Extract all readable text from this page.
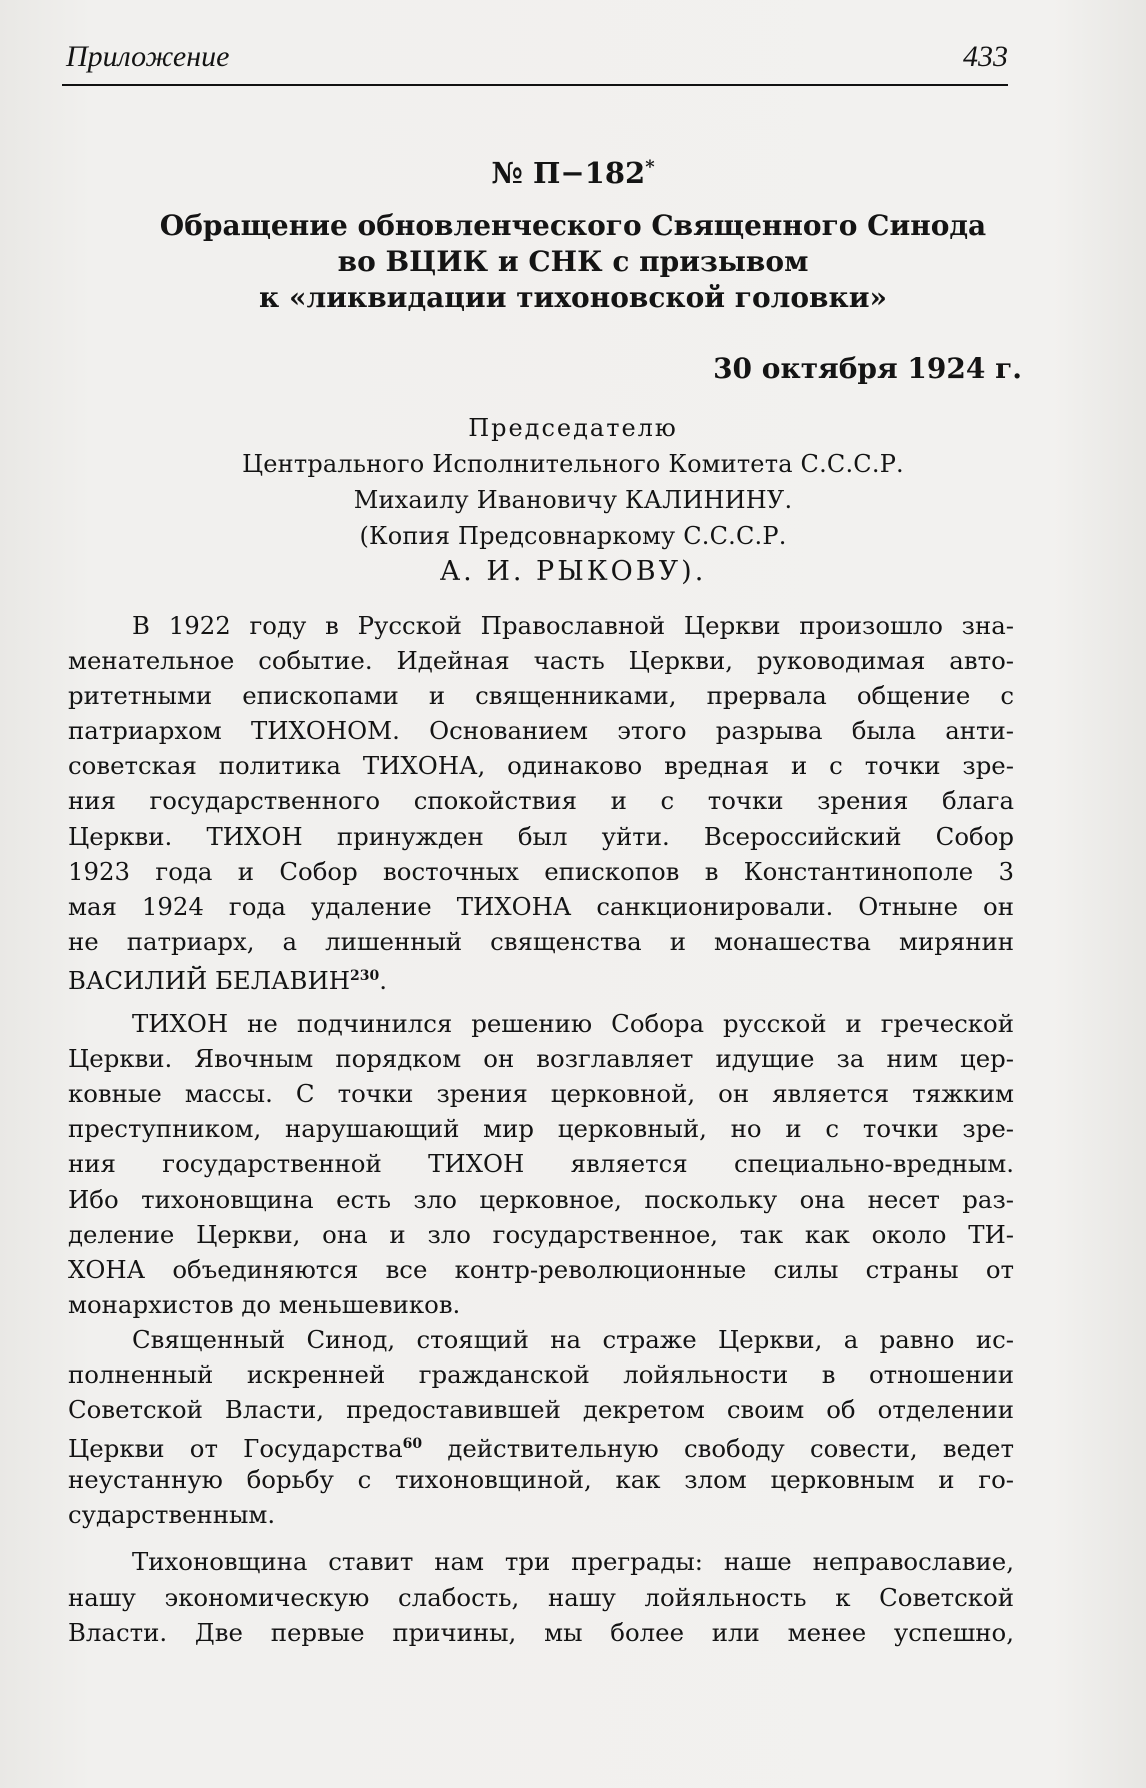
Приложение	433
№ П−182*
Обращение обновленческого Священного Синода
во ВЦИК и СНК с призывом
к «ликвидации тихоновской головки»
30 октября 1924 г.
Председателю
Центрального Исполнительного Комитета С.С.С.Р.
Михаилу Ивановичу КАЛИНИНУ.
(Копия Предсовнаркому С.С.С.Р.
А. И. РЫКОВУ).
В 1922 году в Русской Православной Церкви произошло зна-
менательное событие. Идейная часть Церкви, руководимая авто-
ритетными епископами и священниками, прервала общение с
патриархом ТИХОНОМ. Основанием этого разрыва была анти-
советская политика ТИХОНА, одинаково вредная и с точки зре-
ния государственного спокойствия и с точки зрения блага
Церкви. ТИХОН принужден был уйти. Всероссийский Собор
1923 года и Собор восточных епископов в Константинополе 3
мая 1924 года удаление ТИХОНА санкционировали. Отныне он
не патриарх, а лишенный священства и монашества мирянин
ВАСИЛИЙ БЕЛАВИН$^{230}$.
ТИХОН не подчинился решению Собора русской и греческой
Церкви. Явочным порядком он возглавляет идущие за ним цер-
ковные массы. С точки зрения церковной, он является тяжким
преступником, нарушающий мир церковный, но и с точки зре-
ния государственной ТИХОН является специально-вредным.
Ибо тихоновщина есть зло церковное, поскольку она несет раз-
деление Церкви, она и зло государственное, так как около ТИ-
ХОНА объединяются все контр-революционные силы страны от
монархистов до меньшевиков.
Священный Синод, стоящий на страже Церкви, а равно ис-
полненный искренней гражданской лойяльности в отношении
Советской Власти, предоставившей декретом своим об отделении
Церкви от Государства$^{60}$ действительную свободу совести, ведет
неустанную борьбу с тихоновщиной, как злом церковным и го-
сударственным.
Тихоновщина ставит нам три преграды: наше неправославие,
нашу экономическую слабость, нашу лойяльность к Советской
Власти. Две первые причины, мы более или менее успешно,
